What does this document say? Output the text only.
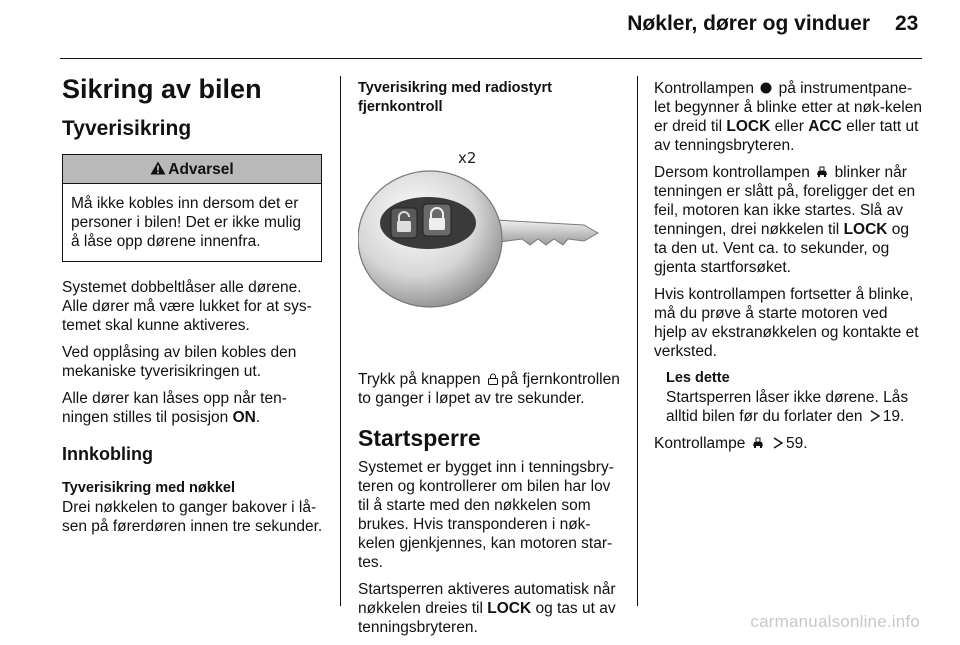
Nøkler, dører og vinduer 23
Sikring av bilen
Tyverisikring
Advarsel
Må ikke kobles inn dersom det er personer i bilen! Det er ikke mulig å låse opp dørene innenfra.

Systemet dobbeltlåser alle dørene. Alle dører må være lukket for at sys-temet skal kunne aktiveres.

Ved opplåsing av bilen kobles den mekaniske tyverisikringen ut.

Alle dører kan låses opp når ten-ningen stilles til posisjon ON.

Innkobling

Tyverisikring med nøkkel

Drei nøkkelen to ganger bakover i lå-sen på førerdøren innen tre sekunder.

Tyverisikring med radiostyrt fjernkontroll

x2

Trykk på knappen på fjernkontrollen to ganger i løpet av tre sekunder.

Startsperre

Systemet er bygget inn i tenningsbry-teren og kontrollerer om bilen har lov til å starte med den nøkkelen som brukes. Hvis transponderen i nøk-kelen gjenkjennes, kan motoren star-tes.

Startsperren aktiveres automatisk når nøkkelen dreies til LOCK og tas ut av tenningsbryteren.

Kontrollampen på instrumentpane-let begynner å blinke etter at nøk-kelen er dreid til LOCK eller ACC eller tatt ut av tenningsbryteren.

Dersom kontrollampen blinker når tenningen er slått på, foreligger det en feil, motoren kan ikke startes. Slå av tenningen, drei nøkkelen til LOCK og ta den ut. Vent ca. to sekunder, og gjenta startforsøket.

Hvis kontrollampen fortsetter å blinke, må du prøve å starte motoren ved hjelp av ekstranøkkelen og kontakte et verksted.

Les dette
Startsperren låser ikke dørene. Lås alltid bilen før du forlater den 19.

Kontrollampe	59.

carmanualsonline.info
